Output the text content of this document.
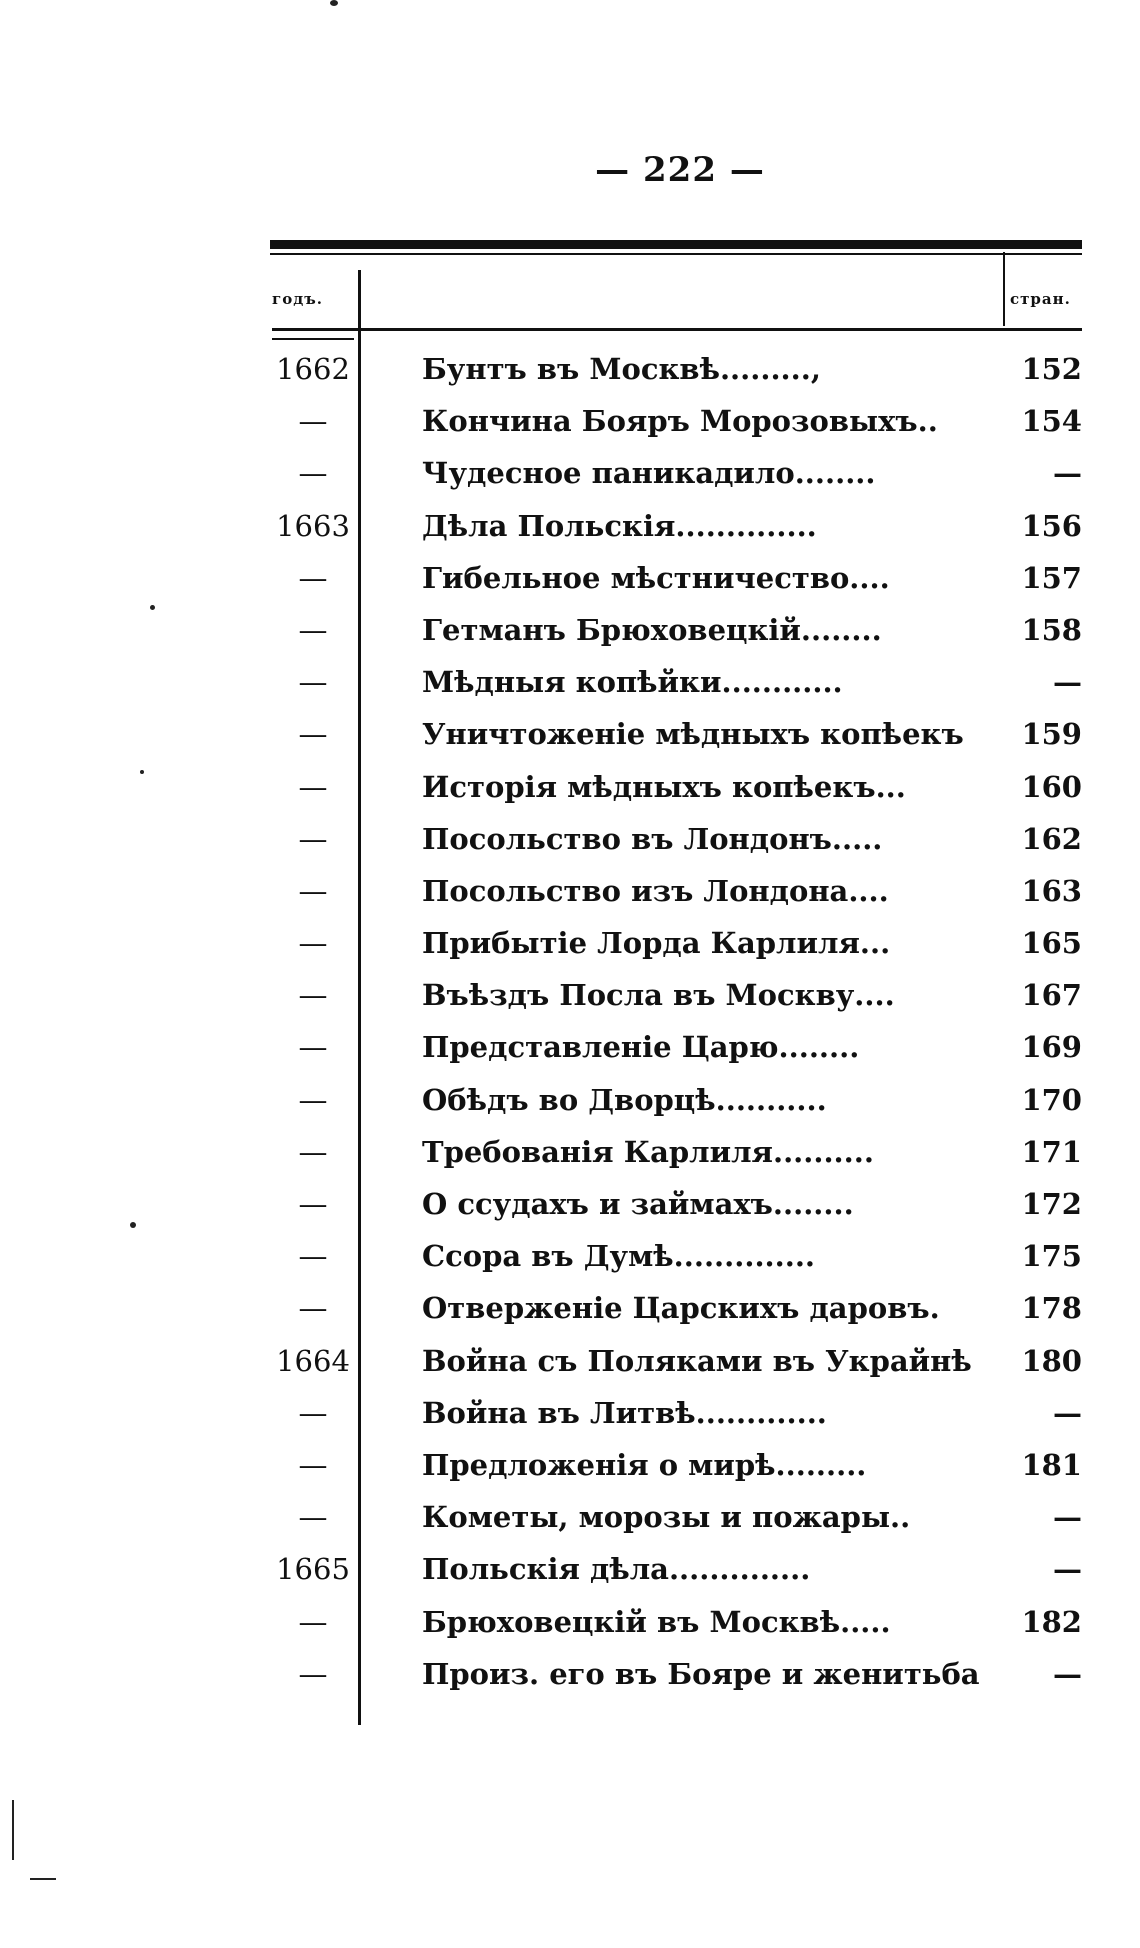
— 222 —
годъ.	стран.
1662 Бунтъ въ Москвѣ.........,	152
—	Кончина Бояръ Морозовыхъ..	154
—	Чудесное паникадило........	—
1663 Дѣла Польскія..............	156
—	Гибельное мѣстничество....	157
—	Гетманъ Брюховецкій........	158
—	Мѣдныя копѣйки............	—
—	Уничтоженіе мѣдныхъ копѣекъ	159
—	Исторія мѣдныхъ копѣекъ...	160
—	Посольство въ Лондонъ.....	162
—	Посольство изъ Лондона....	163
—	Прибытіе Лорда Карлиля...	165
—	Въѣздъ Посла въ Москву....	167
—	Представленіе Царю........	169
—	Обѣдъ во Дворцѣ...........	170
—	Требованія Карлиля..........	171
—	О ссудахъ и займахъ........	172
—	Ссора въ Думѣ..............	175
—	Отверженіе Царскихъ даровъ.	178
1664 Война съ Поляками въ Украйнѣ	180
—	Война въ Литвѣ.............	—
—	Предложенія о мирѣ.........	181
—	Кометы, морозы и пожары..	—
1665 Польскія дѣла..............	—
—	Брюховецкій въ Москвѣ.....	182
—	Произ. его въ Бояре и женитьба	—
